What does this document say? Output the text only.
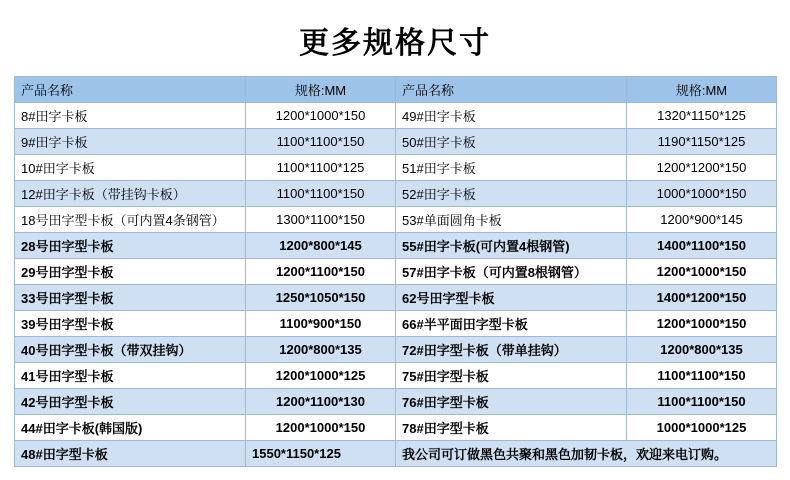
更多规格尺寸
产品名称	规格:MM	产品名称	规格:MM
8#田字卡板	1200*1000*150	49#田字卡板	1320*1150*125
9#田字卡板	1100*1100*150	50#田字卡板	1190*1150*125
10#田字卡板	1100*1100*125	51#田字卡板	1200*1200*150
12#田字卡板（带挂钩卡板）	1100*1100*150	52#田字卡板	1000*1000*150
18号田字型卡板（可内置4条钢管）	1300*1100*150	53#单面圆角卡板	1200*900*145
28号田字型卡板	1200*800*145	55#田字卡板(可内置4根钢管)	1400*1100*150
29号田字型卡板	1200*1100*150	57#田字卡板（可内置8根钢管）	1200*1000*150
33号田字型卡板	1250*1050*150	62号田字型卡板	1400*1200*150
39号田字型卡板	1100*900*150	66#半平面田字型卡板	1200*1000*150
40号田字型卡板（带双挂钩）	1200*800*135	72#田字型卡板（带单挂钩）	1200*800*135
41号田字型卡板	1200*1000*125	75#田字型卡板	1100*1100*150
42号田字型卡板	1200*1100*130	76#田字型卡板	1100*1100*150
44#田字卡板(韩国版)	1200*1000*150	78#田字型卡板	1000*1000*125
48#田字型卡板	1550*1150*125	我公司可订做黑色共聚和黑色加韧卡板，欢迎来电订购。	
